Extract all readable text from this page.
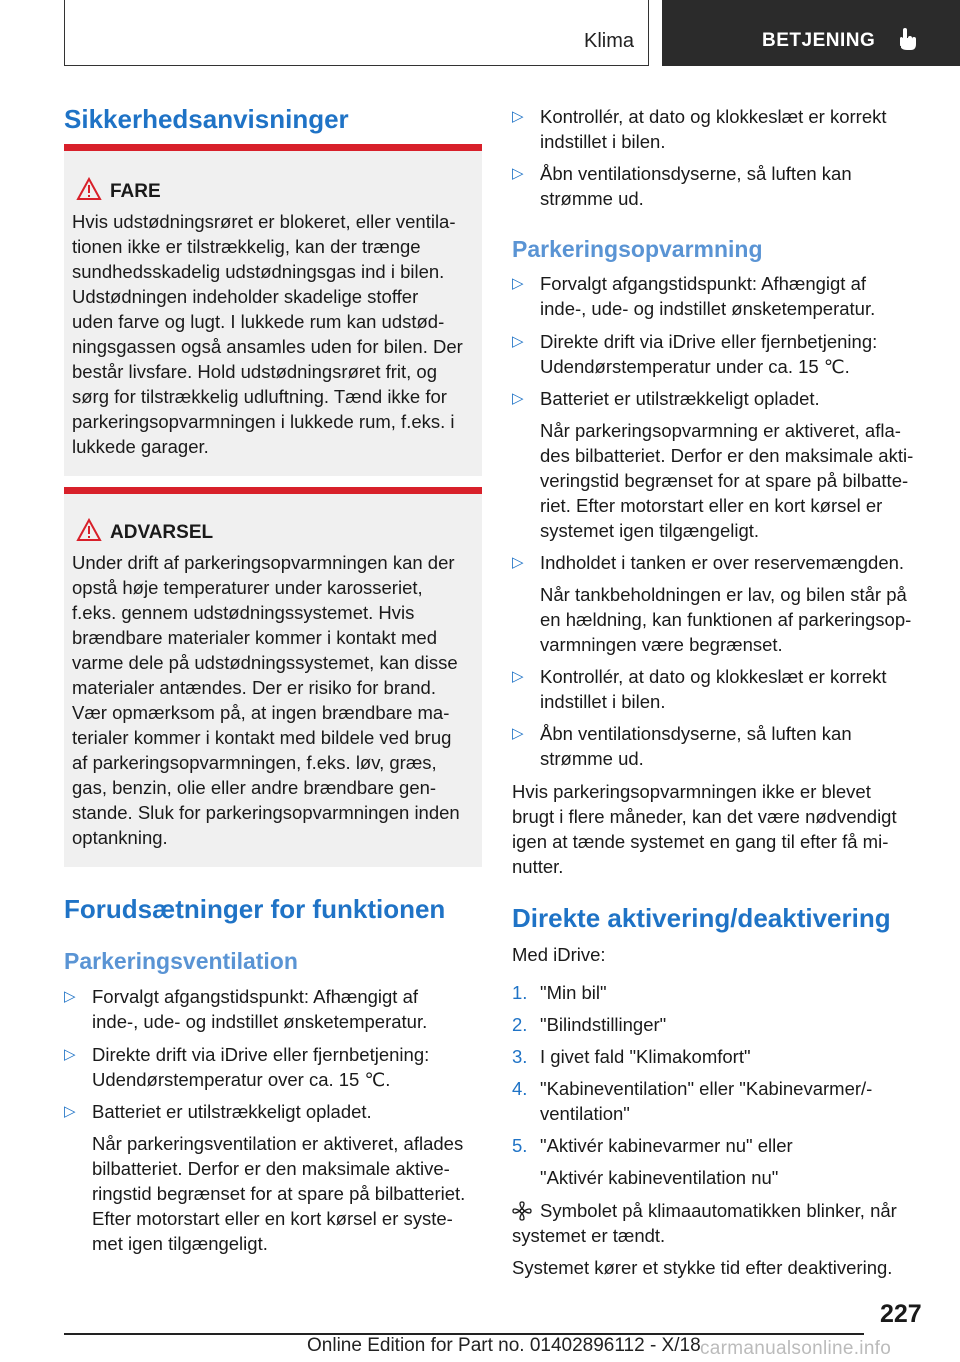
Klima	BETJENING
Sikkerhedsanvisninger
FARE
Hvis udstødningsrøret er blokeret, eller ventila-
tionen ikke er tilstrækkelig, kan der trænge
sundhedsskadelig udstødningsgas ind i bilen.
Udstødningen indeholder skadelige stoffer
uden farve og lugt. I lukkede rum kan udstød-
ningsgassen også ansamles uden for bilen. Der
består livsfare. Hold udstødningsrøret frit, og
sørg for tilstrækkelig udluftning. Tænd ikke for
parkeringsopvarmningen i lukkede rum, f.eks. i
lukkede garager.
ADVARSEL
Under drift af parkeringsopvarmningen kan der
opstå høje temperaturer under karosseriet,
f.eks. gennem udstødningssystemet. Hvis
brændbare materialer kommer i kontakt med
varme dele på udstødningssystemet, kan disse
materialer antændes. Der er risiko for brand.
Vær opmærksom på, at ingen brændbare ma-
terialer kommer i kontakt med bildele ved brug
af parkeringsopvarmningen, f.eks. løv, græs,
gas, benzin, olie eller andre brændbare gen-
stande. Sluk for parkeringsopvarmningen inden
optankning.
Forudsætninger for funktionen
Parkeringsventilation
▷ Forvalgt afgangstidspunkt: Afhængigt af
inde-, ude- og indstillet ønsketemperatur.
▷ Direkte drift via iDrive eller fjernbetjening:
Udendørstemperatur over ca. 15 ℃.
▷ Batteriet er utilstrækkeligt opladet.
Når parkeringsventilation er aktiveret, aflades
bilbatteriet. Derfor er den maksimale aktive-
ringstid begrænset for at spare på bilbatteriet.
Efter motorstart eller en kort kørsel er syste-
met igen tilgængeligt.
▷ Kontrollér, at dato og klokkeslæt er korrekt
indstillet i bilen.
▷ Åbn ventilationsdyserne, så luften kan
strømme ud.
Parkeringsopvarmning
▷ Forvalgt afgangstidspunkt: Afhængigt af
inde-, ude- og indstillet ønsketemperatur.
▷ Direkte drift via iDrive eller fjernbetjening:
Udendørstemperatur under ca. 15 ℃.
▷ Batteriet er utilstrækkeligt opladet.
Når parkeringsopvarmning er aktiveret, afla-
des bilbatteriet. Derfor er den maksimale akti-
veringstid begrænset for at spare på bilbatte-
riet. Efter motorstart eller en kort kørsel er
systemet igen tilgængeligt.
▷ Indholdet i tanken er over reservemængden.
Når tankbeholdningen er lav, og bilen står på
en hældning, kan funktionen af parkeringsop-
varmningen være begrænset.
▷ Kontrollér, at dato og klokkeslæt er korrekt
indstillet i bilen.
▷ Åbn ventilationsdyserne, så luften kan
strømme ud.
Hvis parkeringsopvarmningen ikke er blevet
brugt i flere måneder, kan det være nødvendigt
igen at tænde systemet en gang til efter få mi-
nutter.
Direkte aktivering/deaktivering
Med iDrive:
1. "Min bil"
2. "Bilindstillinger"
3. I givet fald "Klimakomfort"
4. "Kabineventilation" eller "Kabinevarmer/-
ventilation"
5. "Aktivér kabinevarmer nu" eller
"Aktivér kabineventilation nu"
Symbolet på klimaautomatikken blinker, når
systemet er tændt.
Systemet kører et stykke tid efter deaktivering.
227
Online Edition for Part no. 01402896112 - X/18 carmanualsonline.info
